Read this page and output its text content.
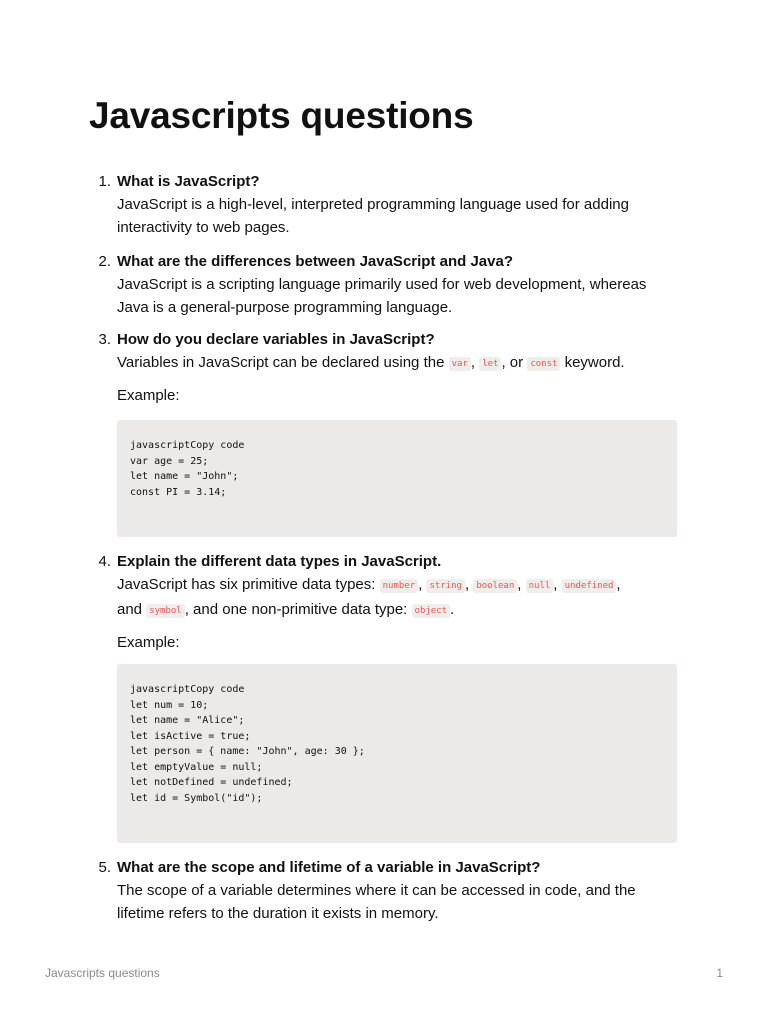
Javascripts questions
1. What is JavaScript?
JavaScript is a high-level, interpreted programming language used for adding interactivity to web pages.
2. What are the differences between JavaScript and Java?
JavaScript is a scripting language primarily used for web development, whereas Java is a general-purpose programming language.
3. How do you declare variables in JavaScript?
Variables in JavaScript can be declared using the var , let , or const keyword.
Example:
javascriptCopy code
var age = 25;
let name = "John";
const PI = 3.14;
4. Explain the different data types in JavaScript.
JavaScript has six primitive data types: number , string , boolean , null , undefined ,
and symbol , and one non-primitive data type: object .
Example:
javascriptCopy code
let num = 10;
let name = "Alice";
let isActive = true;
let person = { name: "John", age: 30 };
let emptyValue = null;
let notDefined = undefined;
let id = Symbol("id");
5. What are the scope and lifetime of a variable in JavaScript?
The scope of a variable determines where it can be accessed in code, and the lifetime refers to the duration it exists in memory.
Javascripts questions	1
